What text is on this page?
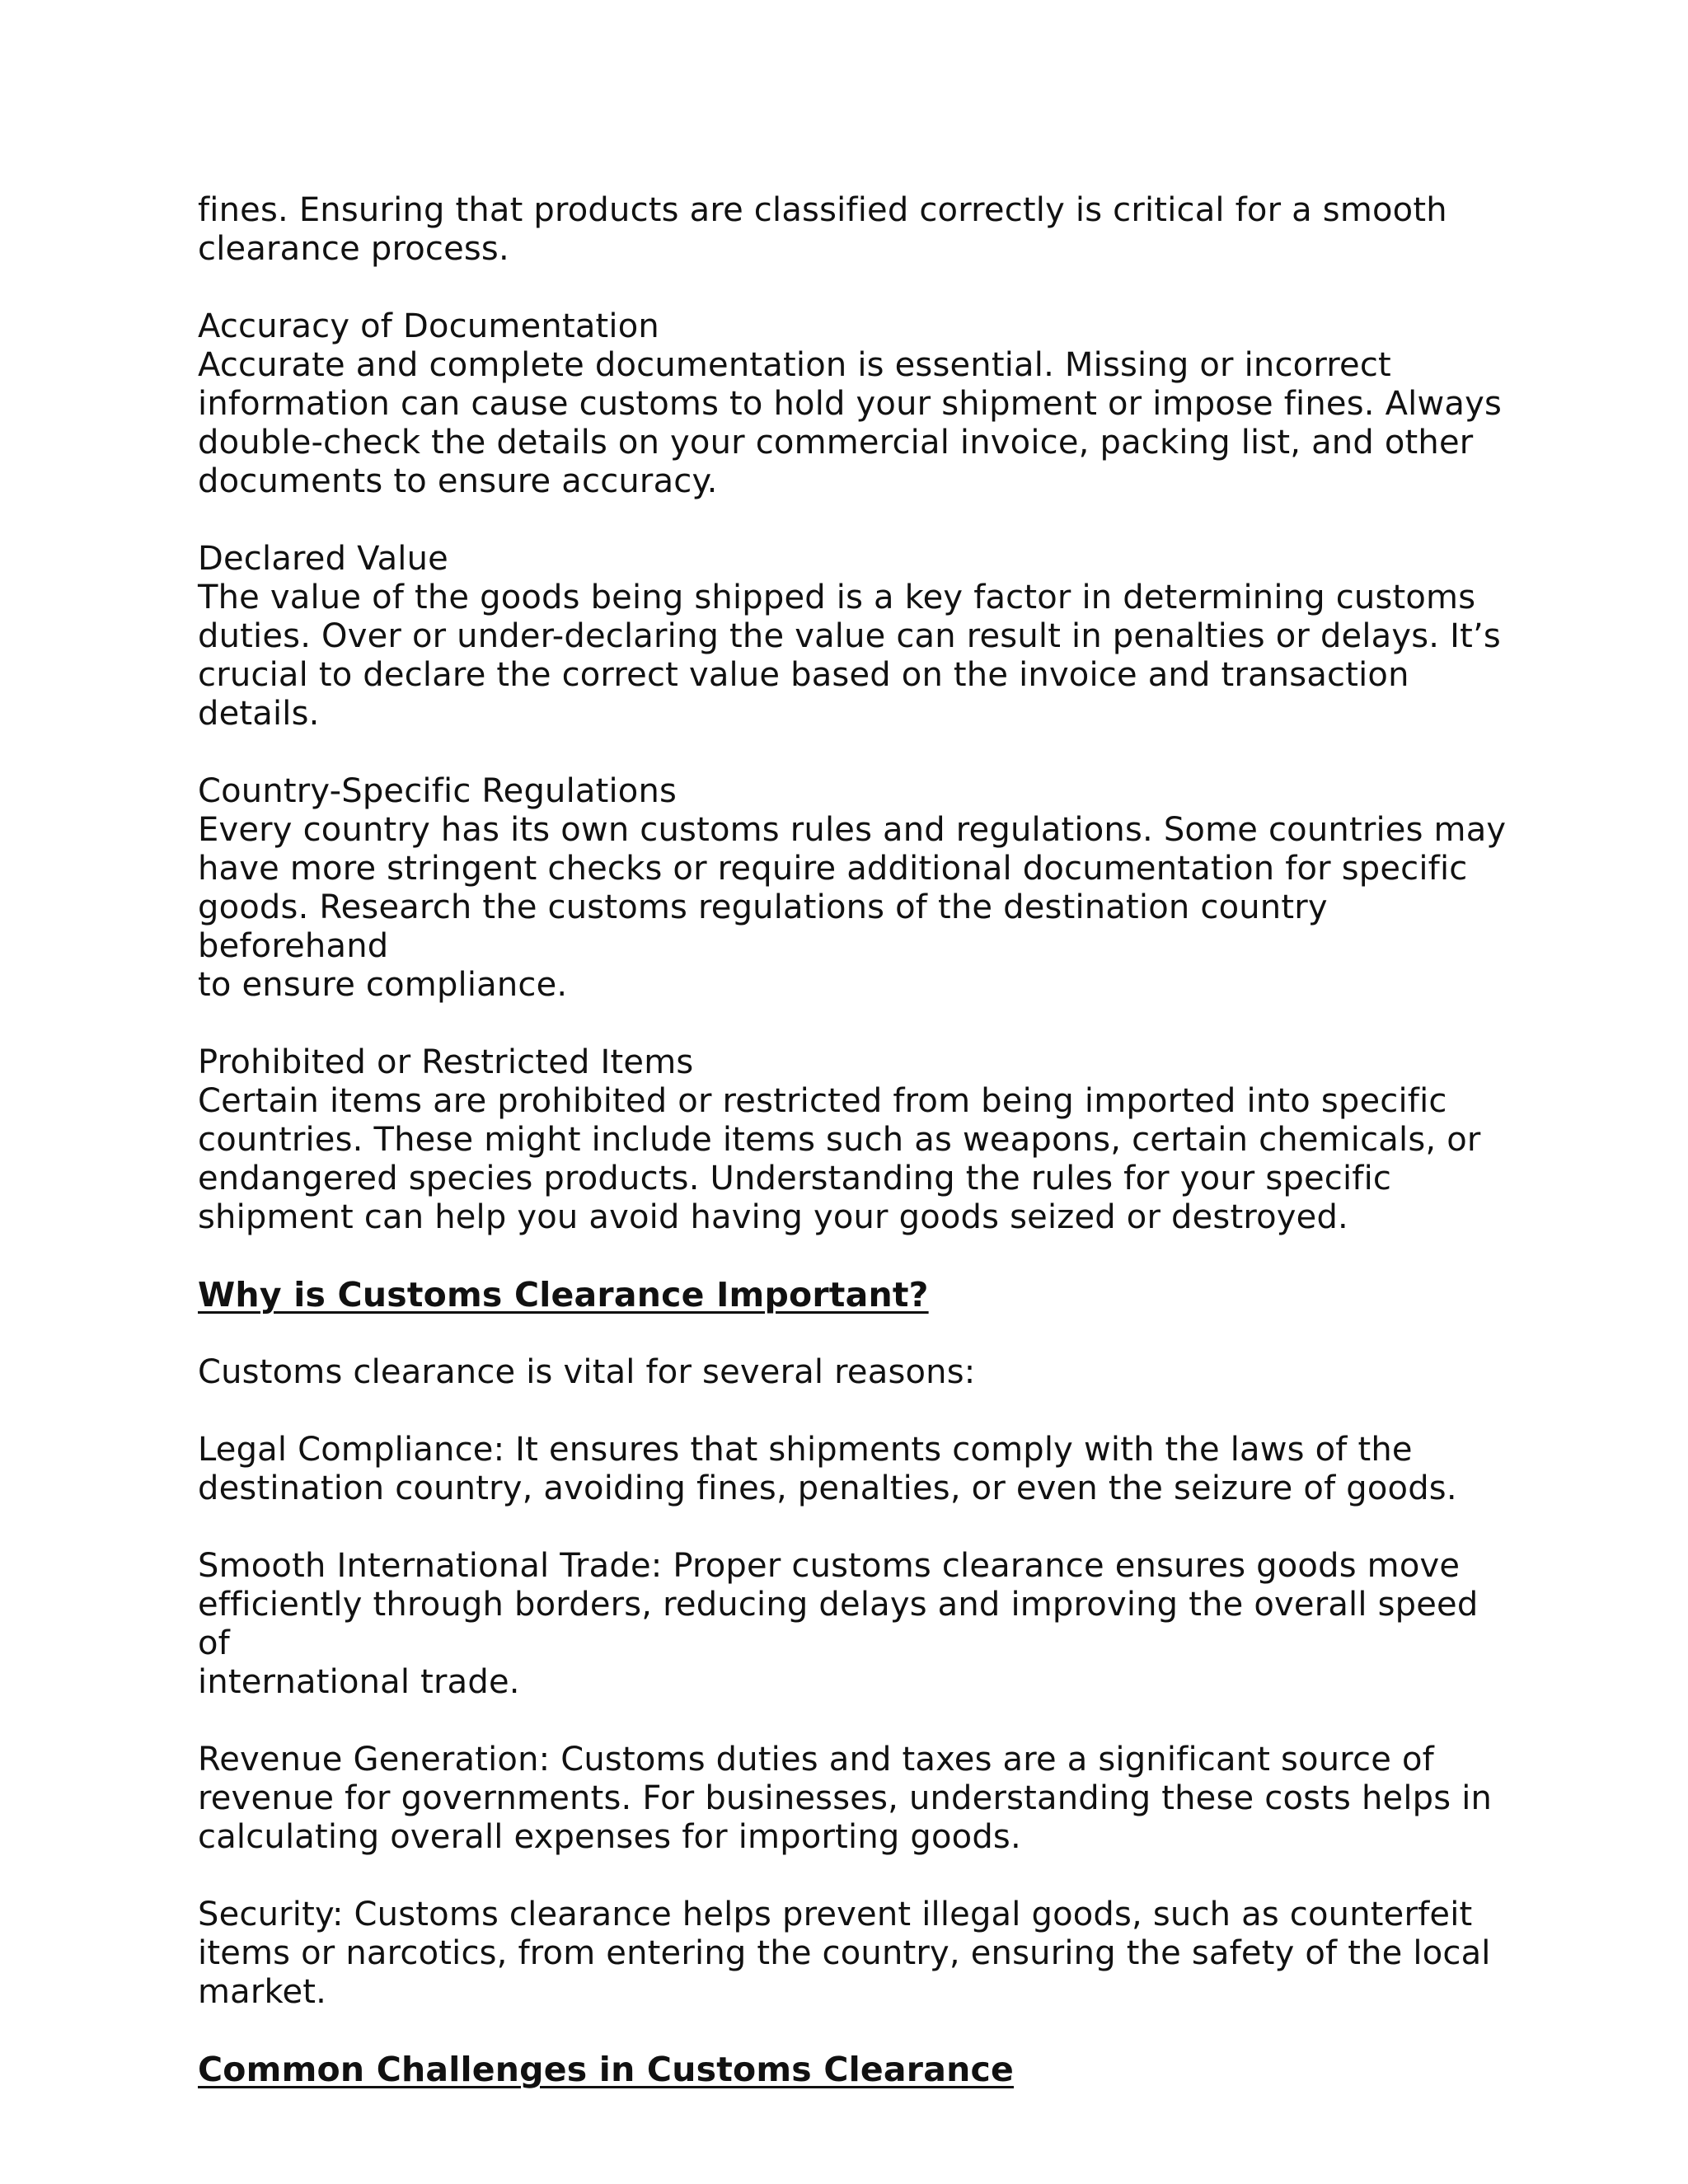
fines. Ensuring that products are classified correctly is critical for a smooth
clearance process.

Accuracy of Documentation

Accurate and complete documentation is essential. Missing or incorrect
information can cause customs to hold your shipment or impose fines. Always
double-check the details on your commercial invoice, packing list, and other
documents to ensure accuracy.

Declared Value

The value of the goods being shipped is a key factor in determining customs
duties. Over or under-declaring the value can result in penalties or delays. It’s
crucial to declare the correct value based on the invoice and transaction details.

Country-Specific Regulations

Every country has its own customs rules and regulations. Some countries may
have more stringent checks or require additional documentation for specific
goods. Research the customs regulations of the destination country beforehand
to ensure compliance.

Prohibited or Restricted Items

Certain items are prohibited or restricted from being imported into specific
countries. These might include items such as weapons, certain chemicals, or
endangered species products. Understanding the rules for your specific
shipment can help you avoid having your goods seized or destroyed.

Why is Customs Clearance Important?

Customs clearance is vital for several reasons:

Legal Compliance: It ensures that shipments comply with the laws of the
destination country, avoiding fines, penalties, or even the seizure of goods.

Smooth International Trade: Proper customs clearance ensures goods move
efficiently through borders, reducing delays and improving the overall speed of
international trade.

Revenue Generation: Customs duties and taxes are a significant source of
revenue for governments. For businesses, understanding these costs helps in
calculating overall expenses for importing goods.

Security: Customs clearance helps prevent illegal goods, such as counterfeit
items or narcotics, from entering the country, ensuring the safety of the local
market.

Common Challenges in Customs Clearance
